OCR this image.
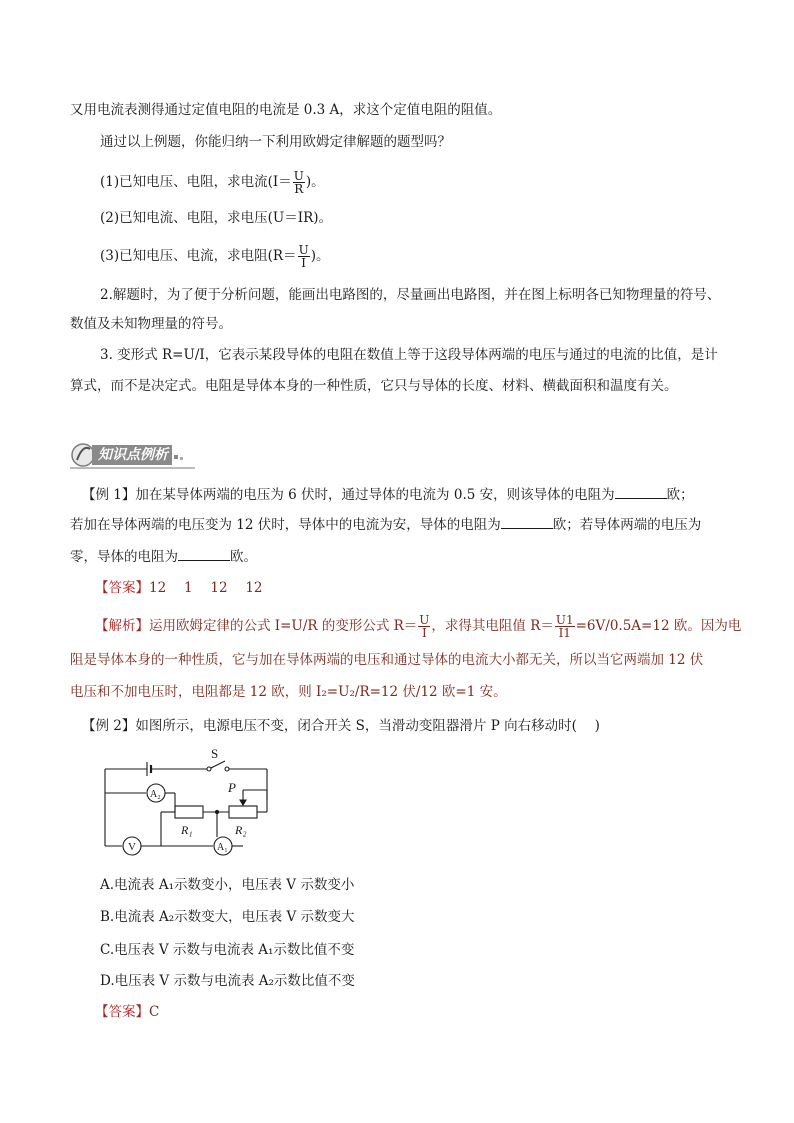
又用电流表测得通过定值电阻的电流是 0.3 A，求这个定值电阻的阻值。
通过以上例题，你能归纳一下利用欧姆定律解题的题型吗？
(1)已知电压、电阻，求电流($I= \frac{U}{R}$ )。
(2)已知电流、电阻，求电压(U＝IR)。
(3)已知电压、电流，求电阻($R= \frac{U}{I}$ )。
2.解题时，为了便于分析问题，能画出电路图的，尽量画出电路图，并在图上标明各已知物理量的符号、
数值及未知物理量的符号。
3. 变形式 R=U/I，它表示某段导体的电阻在数值上等于这段导体两端的电压与通过的电流的比值，是计
算式，而不是决定式。电阻是导体本身的一种性质，它只与导体的长度、材料、横截面积和温度有关。
知识点例析
【例 1】加在某导体两端的电压为 6 伏时，通过导体的电流为 0.5 安，则该导体的电阻为	欧；
若加在导体两端的电压变为 12 伏时，导体中的电流为安，导体的电阻为	欧；若导体两端的电压为
零，导体的电阻为	欧。
【答案】12　 1　 12　 12
【解析】运用欧姆定律的公式 I=U/R 的变形公式 $R= \frac{U}{I}$ ，求得其电阻值 $R= \frac{U1}{I1} =6V/0.5A=12$ 欧。因为电
阻是导体本身的一种性质，它与加在导体两端的电压和通过导体的电流大小都无关，所以当它两端加 12 伏
电压和不加电压时，电阻都是 12 欧，则 I₂=U₂/R=12 伏/12 欧=1 安。
【例 2】如图所示，电源电压不变，闭合开关 S，当滑动变阻器滑片 P 向右移动时(　 )
S
A₂	P
R₁	R₂
V	A₁
A.电流表 A₁示数变小，电压表 V 示数变小
B.电流表 A₂示数变大，电压表 V 示数变大
C.电压表 V 示数与电流表 A₁示数比值不变
D.电压表 V 示数与电流表 A₂示数比值不变
【答案】C
